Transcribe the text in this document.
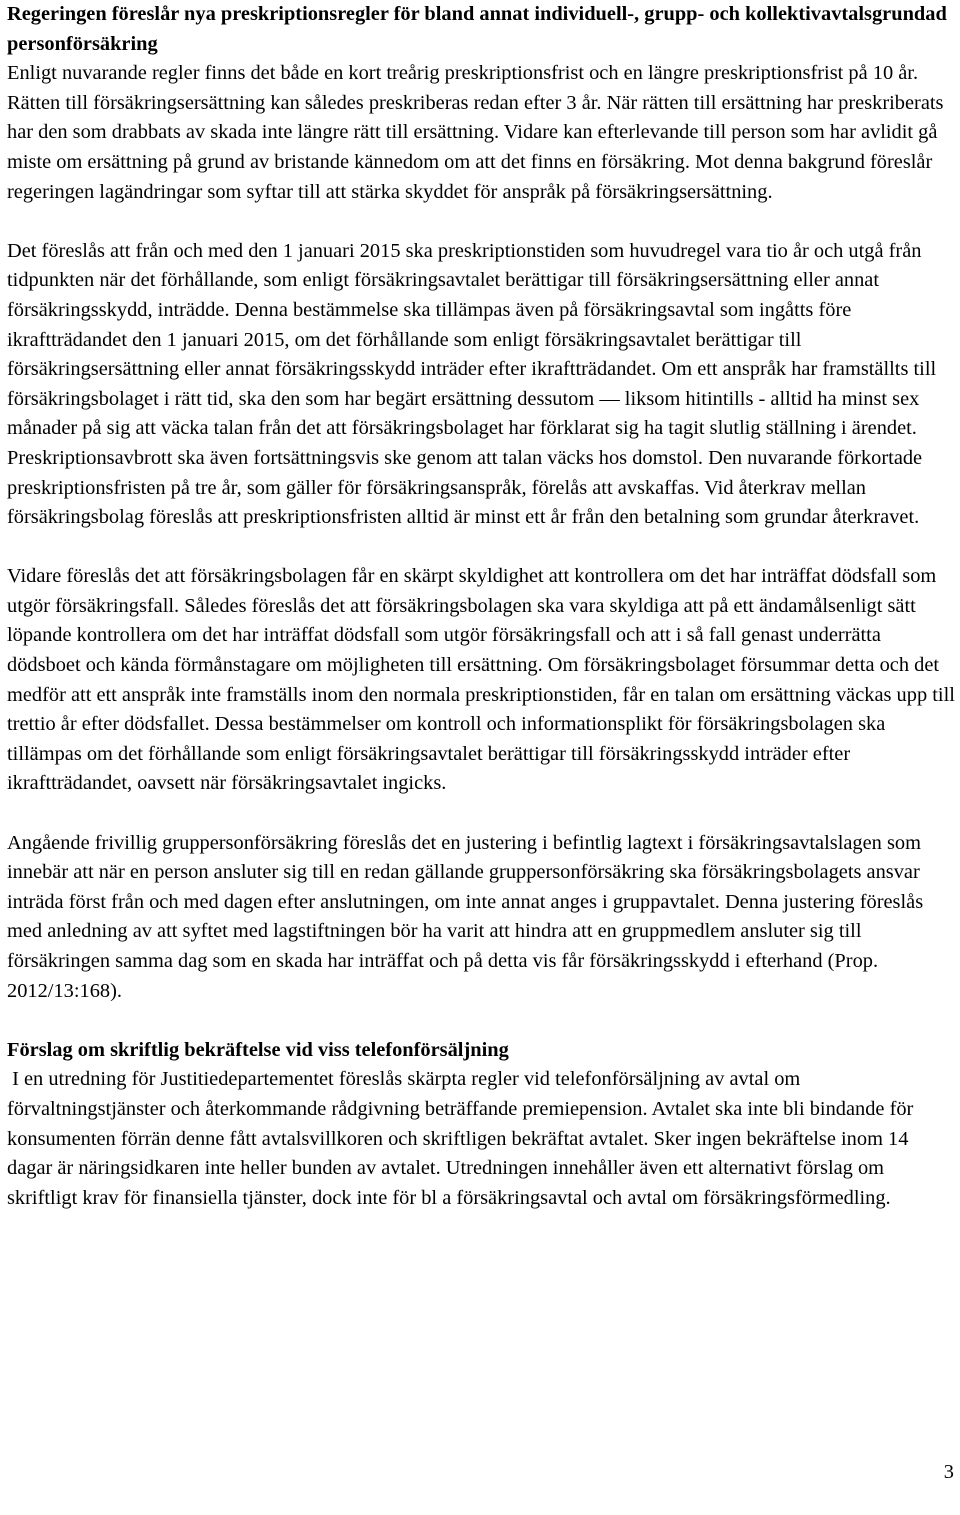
Regeringen föreslår nya preskriptionsregler för bland annat individuell-, grupp- och kollektivavtalsgrundad personförsäkring

Enligt nuvarande regler finns det både en kort treårig preskriptionsfrist och en längre preskriptionsfrist på 10 år. Rätten till försäkringsersättning kan således preskriberas redan efter 3 år. När rätten till ersättning har preskriberats har den som drabbats av skada inte längre rätt till ersättning. Vidare kan efterlevande till person som har avlidit gå miste om ersättning på grund av bristande kännedom om att det finns en försäkring. Mot denna bakgrund föreslår regeringen lagändringar som syftar till att stärka skyddet för anspråk på försäkringsersättning.

Det föreslås att från och med den 1 januari 2015 ska preskriptionstiden som huvudregel vara tio år och utgå från tidpunkten när det förhållande, som enligt försäkringsavtalet berättigar till försäkringsersättning eller annat försäkringsskydd, inträdde. Denna bestämmelse ska tillämpas även på försäkringsavtal som ingåtts före ikraftträdandet den 1 januari 2015, om det förhållande som enligt försäkringsavtalet berättigar till försäkringsersättning eller annat försäkringsskydd inträder efter ikraftträdandet. Om ett anspråk har framställts till försäkringsbolaget i rätt tid, ska den som har begärt ersättning dessutom — liksom hitintills - alltid ha minst sex månader på sig att väcka talan från det att försäkringsbolaget har förklarat sig ha tagit slutlig ställning i ärendet. Preskriptionsavbrott ska även fortsättningsvis ske genom att talan väcks hos domstol. Den nuvarande förkortade preskriptionsfristen på tre år, som gäller för försäkringsanspråk, förelås att avskaffas. Vid återkrav mellan försäkringsbolag föreslås att preskriptionsfristen alltid är minst ett år från den betalning som grundar återkravet.

Vidare föreslås det att försäkringsbolagen får en skärpt skyldighet att kontrollera om det har inträffat dödsfall som utgör försäkringsfall. Således föreslås det att försäkringsbolagen ska vara skyldiga att på ett ändamålsenligt sätt löpande kontrollera om det har inträffat dödsfall som utgör försäkringsfall och att i så fall genast underrätta dödsboet och kända förmånstagare om möjligheten till ersättning. Om försäkringsbolaget försummar detta och det medför att ett anspråk inte framställs inom den normala preskriptionstiden, får en talan om ersättning väckas upp till trettio år efter dödsfallet. Dessa bestämmelser om kontroll och informationsplikt för försäkringsbolagen ska tillämpas om det förhållande som enligt försäkringsavtalet berättigar till försäkringsskydd inträder efter ikraftträdandet, oavsett när försäkringsavtalet ingicks.

Angående frivillig gruppersonförsäkring föreslås det en justering i befintlig lagtext i försäkringsavtalslagen som innebär att när en person ansluter sig till en redan gällande gruppersonförsäkring ska försäkringsbolagets ansvar inträda först från och med dagen efter anslutningen, om inte annat anges i gruppavtalet. Denna justering föreslås med anledning av att syftet med lagstiftningen bör ha varit att hindra att en gruppmedlem ansluter sig till försäkringen samma dag som en skada har inträffat och på detta vis får försäkringsskydd i efterhand (Prop. 2012/13:168).

Förslag om skriftlig bekräftelse vid viss telefonförsäljning

I en utredning för Justitiedepartementet föreslås skärpta regler vid telefonförsäljning av avtal om förvaltningstjänster och återkommande rådgivning beträffande premiepension. Avtalet ska inte bli bindande för konsumenten förrän denne fått avtalsvillkoren och skriftligen bekräftat avtalet. Sker ingen bekräftelse inom 14 dagar är näringsidkaren inte heller bunden av avtalet. Utredningen innehåller även ett alternativt förslag om skriftligt krav för finansiella tjänster, dock inte för bl a försäkringsavtal och avtal om försäkringsförmedling.

3
